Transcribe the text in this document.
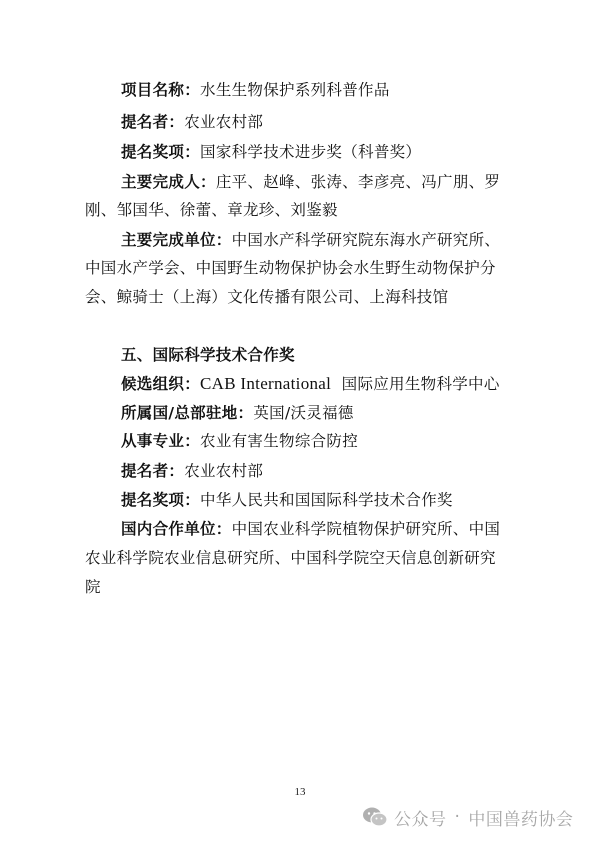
项目名称：水生生物保护系列科普作品
提名者：农业农村部
提名奖项：国家科学技术进步奖（科普奖）
主要完成人：庄平、赵峰、张涛、李彦亮、冯广朋、罗
刚、邹国华、徐蕾、章龙珍、刘鉴毅
主要完成单位：中国水产科学研究院东海水产研究所、
中国水产学会、中国野生动物保护协会水生野生动物保护分
会、鲸骑士（上海）文化传播有限公司、上海科技馆
五、国际科学技术合作奖
候选组织：CAB International 国际应用生物科学中心
所属国/总部驻地：英国/沃灵福德
从事专业：农业有害生物综合防控
提名者：农业农村部
提名奖项：中华人民共和国国际科学技术合作奖
国内合作单位：中国农业科学院植物保护研究所、中国
农业科学院农业信息研究所、中国科学院空天信息创新研究
院
13
公众号 · 中国兽药协会
